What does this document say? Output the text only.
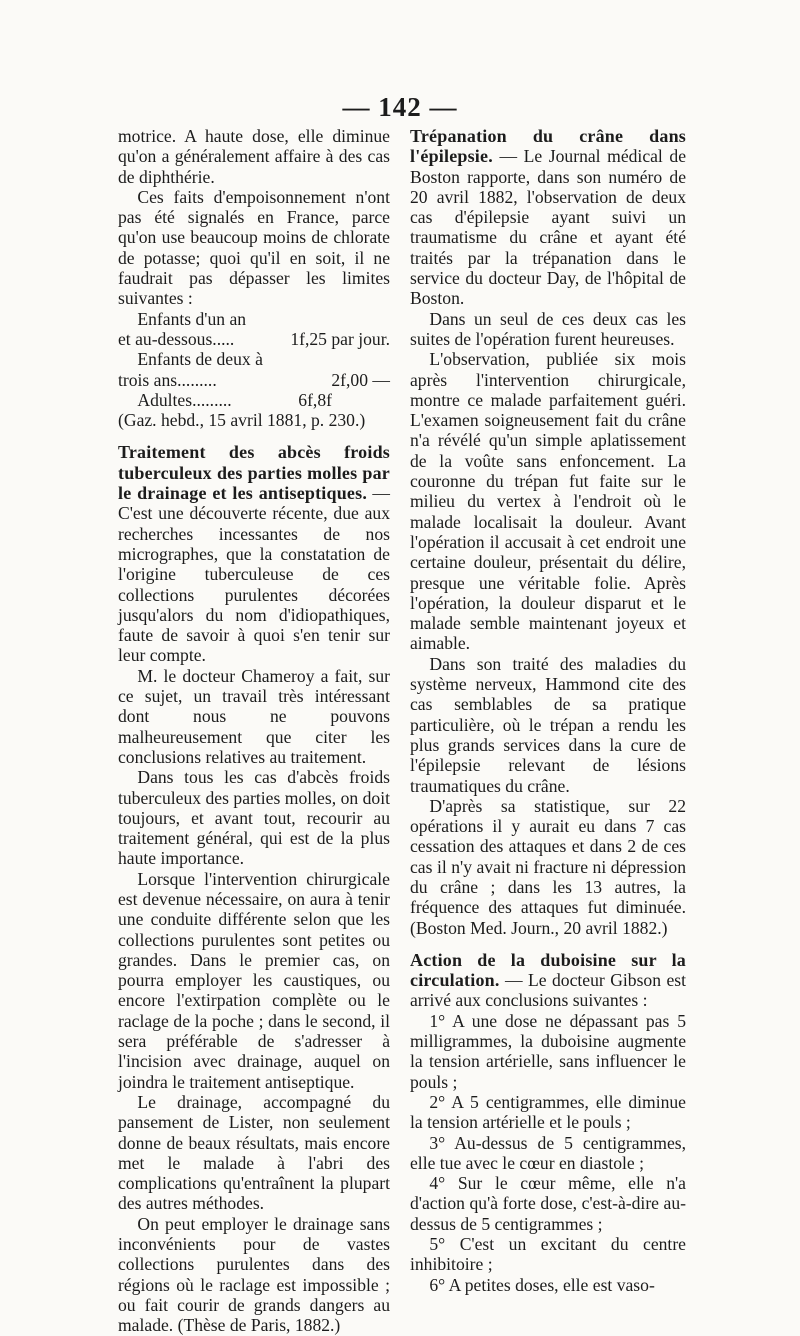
— 142 —

motrice. A haute dose, elle diminue qu'on a généralement affaire à des cas de diphthérie.

Ces faits d'empoisonnement n'ont pas été signalés en France, parce qu'on use beaucoup moins de chlorate de potasse; quoi qu'il en soit, il ne faudrait pas dépasser les limites suivantes :

Enfants d'un an

et au-dessous.....	1f,25 par jour.

Enfants de deux à

trois ans.........	2f,00 —
Adultes.........	6f,8f

(Gaz. hebd., 15 avril 1881, p. 230.)

Traitement des abcès froids tuberculeux des parties molles par le drainage et les antiseptiques. — C'est une découverte récente, due aux recherches incessantes de nos micrographes, que la constatation de l'origine tuberculeuse de ces collections purulentes décorées jusqu'alors du nom d'idiopathiques, faute de savoir à quoi s'en tenir sur leur compte.

M. le docteur Chameroy a fait, sur ce sujet, un travail très intéressant dont nous ne pouvons malheureusement que citer les conclusions relatives au traitement.

Dans tous les cas d'abcès froids tuberculeux des parties molles, on doit toujours, et avant tout, recourir au traitement général, qui est de la plus haute importance.

Lorsque l'intervention chirurgicale est devenue nécessaire, on aura à tenir une conduite différente selon que les collections purulentes sont petites ou grandes. Dans le premier cas, on pourra employer les caustiques, ou encore l'extirpation complète ou le raclage de la poche ; dans le second, il sera préférable de s'adresser à l'incision avec drainage, auquel on joindra le traitement antiseptique.

Le drainage, accompagné du pansement de Lister, non seulement donne de beaux résultats, mais encore met le malade à l'abri des complications qu'entraînent la plupart des autres méthodes.

On peut employer le drainage sans inconvénients pour de vastes collections purulentes dans des régions où le raclage est impossible ; ou fait courir de grands dangers au malade. (Thèse de Paris, 1882.)

Trépanation du crâne dans l'épilepsie. — Le Journal médical de Boston rapporte, dans son numéro de 20 avril 1882, l'observation de deux cas d'épilepsie ayant suivi un traumatisme du crâne et ayant été traités par la trépanation dans le service du docteur Day, de l'hôpital de Boston.

Dans un seul de ces deux cas les suites de l'opération furent heureuses.

L'observation, publiée six mois après l'intervention chirurgicale, montre ce malade parfaitement guéri. L'examen soigneusement fait du crâne n'a révélé qu'un simple aplatissement de la voûte sans enfoncement. La couronne du trépan fut faite sur le milieu du vertex à l'endroit où le malade localisait la douleur. Avant l'opération il accusait à cet endroit une certaine douleur, présentait du délire, presque une véritable folie. Après l'opération, la douleur disparut et le malade semble maintenant joyeux et aimable.

Dans son traité des maladies du système nerveux, Hammond cite des cas semblables de sa pratique particulière, où le trépan a rendu les plus grands services dans la cure de l'épilepsie relevant de lésions traumatiques du crâne.

D'après sa statistique, sur 22 opérations il y aurait eu dans 7 cas cessation des attaques et dans 2 de ces cas il n'y avait ni fracture ni dépression du crâne ; dans les 13 autres, la fréquence des attaques fut diminuée. (Boston Med. Journ., 20 avril 1882.)

Action de la duboisine sur la circulation. — Le docteur Gibson est arrivé aux conclusions suivantes :

1° A une dose ne dépassant pas 5 milligrammes, la duboisine augmente la tension artérielle, sans influencer le pouls ;

2° A 5 centigrammes, elle diminue la tension artérielle et le pouls ;

3° Au-dessus de 5 centigrammes, elle tue avec le cœur en diastole ;

4° Sur le cœur même, elle n'a d'action qu'à forte dose, c'est-à-dire au-dessus de 5 centigrammes ;

5° C'est un excitant du centre inhibitoire ;

6° A petites doses, elle est vaso-
